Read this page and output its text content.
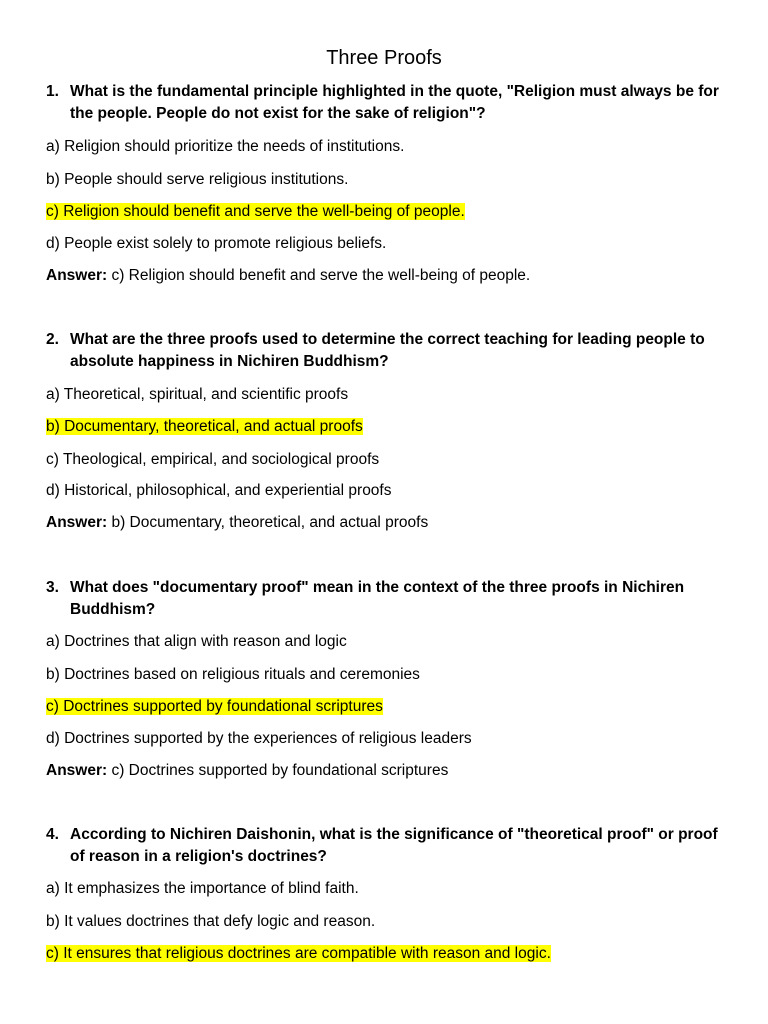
Three Proofs
1. What is the fundamental principle highlighted in the quote, "Religion must always be for the people. People do not exist for the sake of religion"?
a) Religion should prioritize the needs of institutions.
b) People should serve religious institutions.
c) Religion should benefit and serve the well-being of people.
d) People exist solely to promote religious beliefs.
Answer: c) Religion should benefit and serve the well-being of people.
2. What are the three proofs used to determine the correct teaching for leading people to absolute happiness in Nichiren Buddhism?
a) Theoretical, spiritual, and scientific proofs
b) Documentary, theoretical, and actual proofs
c) Theological, empirical, and sociological proofs
d) Historical, philosophical, and experiential proofs
Answer: b) Documentary, theoretical, and actual proofs
3. What does "documentary proof" mean in the context of the three proofs in Nichiren Buddhism?
a) Doctrines that align with reason and logic
b) Doctrines based on religious rituals and ceremonies
c) Doctrines supported by foundational scriptures
d) Doctrines supported by the experiences of religious leaders
Answer: c) Doctrines supported by foundational scriptures
4. According to Nichiren Daishonin, what is the significance of "theoretical proof" or proof of reason in a religion's doctrines?
a) It emphasizes the importance of blind faith.
b) It values doctrines that defy logic and reason.
c) It ensures that religious doctrines are compatible with reason and logic.
